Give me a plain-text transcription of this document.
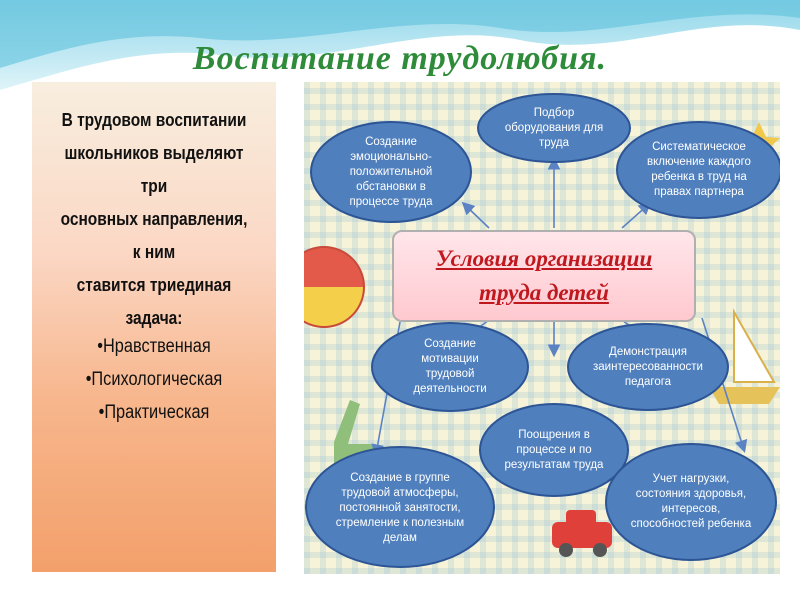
Воспитание трудолюбия.
В трудовом воспитании
школьников выделяют три
основных направления, к ним
ставится триединая задача:
•Нравственная
•Психологическая
•Практическая
Условия организации
труда детей
Создание эмоционально-положительной обстановки в процессе труда
Подбор оборудования для труда	Систематическое включение каждого ребенка в труд на правах партнера
Создание мотивации трудовой деятельности
Демонстрация заинтересованности педагога
Поощрения в процессе и по результатам труда
Создание в группе трудовой атмосферы, постоянной занятости, стремление к полезным делам
Учет нагрузки, состояния здоровья, интересов, способностей ребенка
